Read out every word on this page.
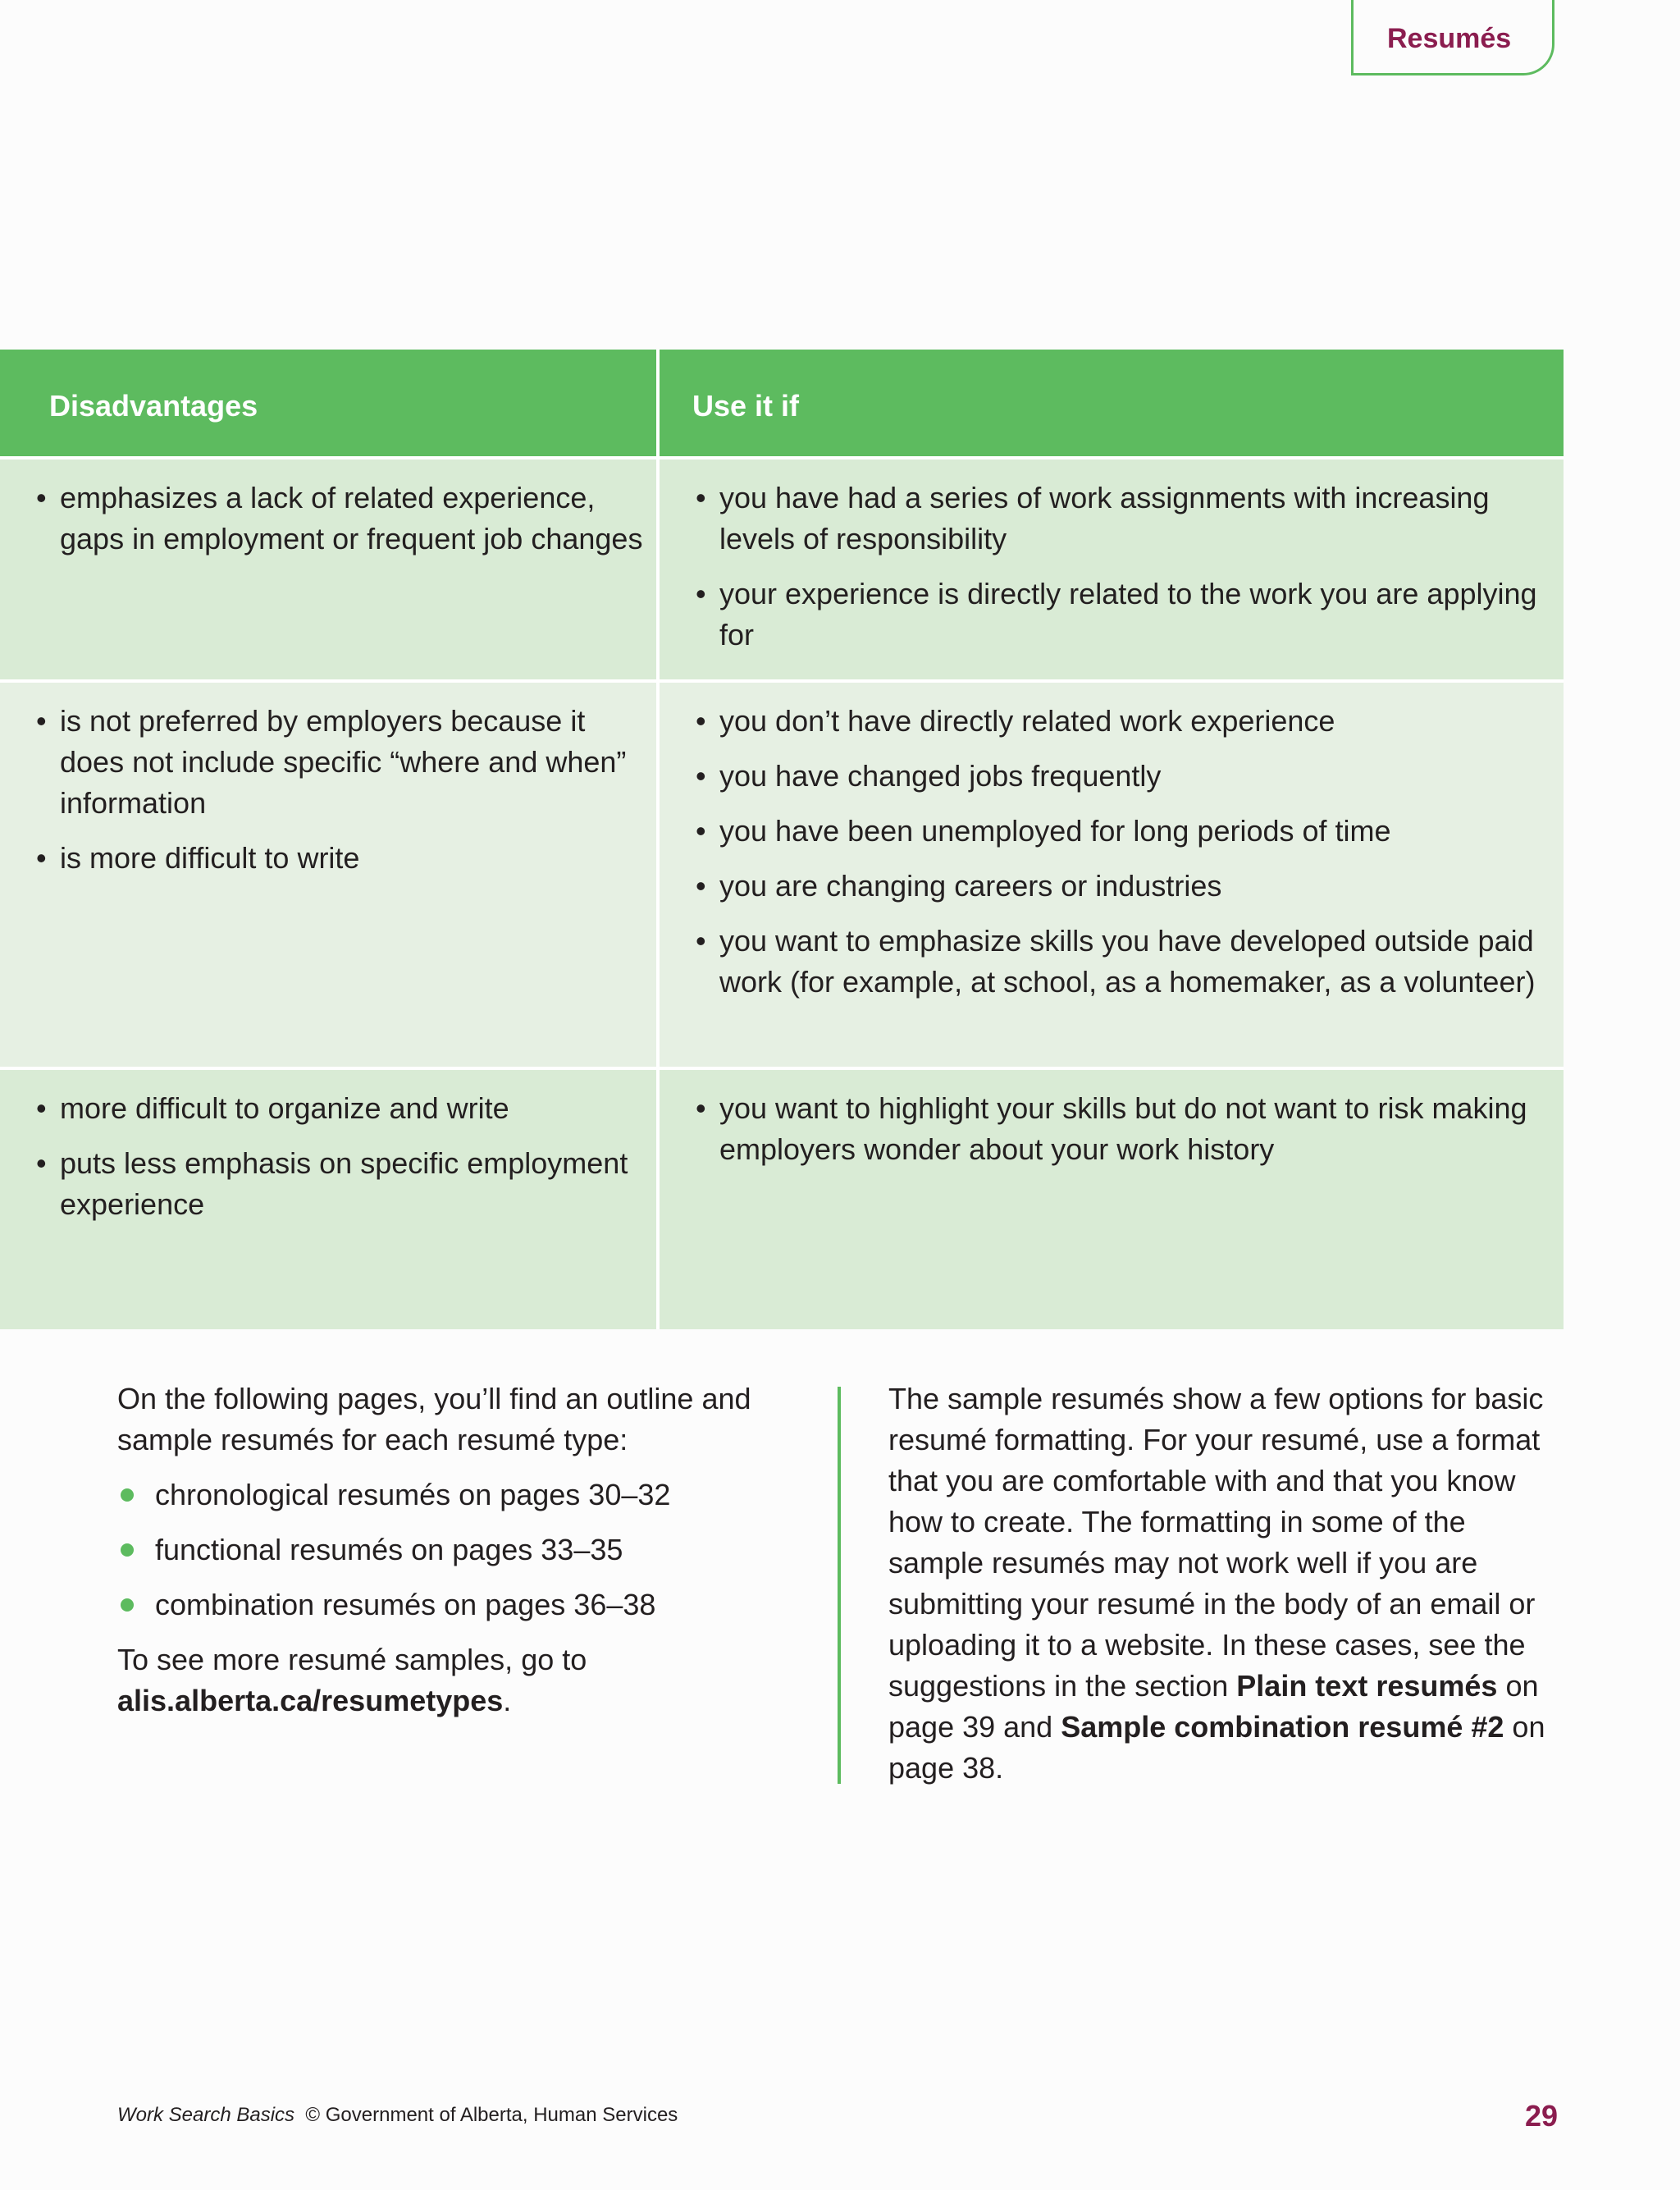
Resumés
Disadvantages	Use it if
• emphasizes a lack of related experience, gaps in employment or frequent job changes
• you have had a series of work assignments with increasing levels of responsibility
• your experience is directly related to the work you are applying for
• is not preferred by employers because it does not include specific “where and when” information
• is more difficult to write
• you don’t have directly related work experience
• you have changed jobs frequently
• you have been unemployed for long periods of time
• you are changing careers or industries
• you want to emphasize skills you have developed outside paid work (for example, at school, as a homemaker, as a volunteer)
• more difficult to organize and write
• puts less emphasis on specific employment experience
• you want to highlight your skills but do not want to risk making employers wonder about your work history

On the following pages, you’ll find an outline and sample resumés for each resumé type:

chronological resumés on pages 30–32
functional resumés on pages 33–35
combination resumés on pages 36–38

To see more resumé samples, go to
alis.alberta.ca/resumetypes.

The sample resumés show a few options for basic resumé formatting. For your resumé, use a format that you are comfortable with and that you know how to create. The formatting in some of the sample resumés may not work well if you are submitting your resumé in the body of an email or uploading it to a website. In these cases, see the suggestions in the section Plain text resumés on page 39 and Sample combination resumé #2 on page 38.

Work Search Basics © Government of Alberta, Human Services	29
